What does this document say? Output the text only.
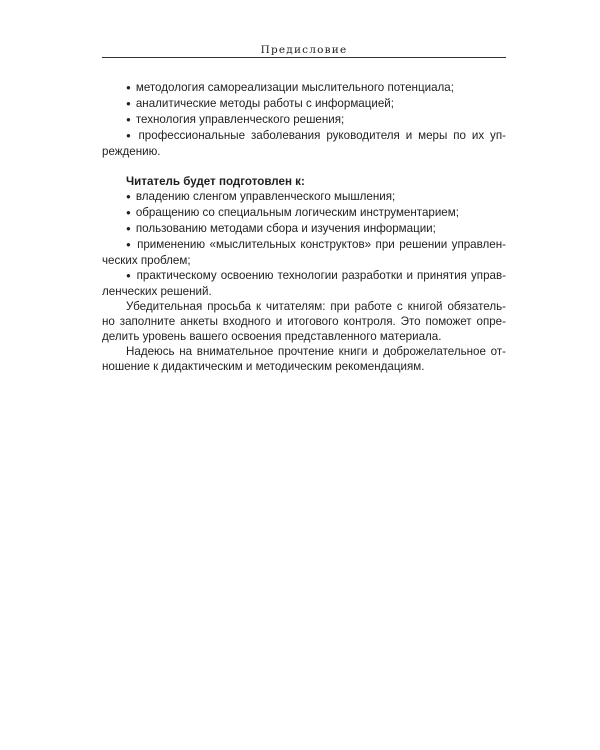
Предисловие

● методология самореализации мыслительного потенциала;

● аналитические методы работы с информацией;

● технология управленческого решения;

● профессиональные заболевания руководителя и меры по их уп-

реждению.

Читатель будет подготовлен к:

● владению сленгом управленческого мышления;

● обращению со специальным логическим инструментарием;

● пользованию методами сбора и изучения информации;

● применению «мыслительных конструктов» при решении управлен-

ческих проблем;

● практическому освоению технологии разработки и принятия управ-

ленческих решений.

Убедительная просьба к читателям: при работе с книгой обязатель-

но заполните анкеты входного и итогового контроля. Это поможет опре-

делить уровень вашего освоения представленного материала.

Надеюсь на внимательное прочтение книги и доброжелательное от-

ношение к дидактическим и методическим рекомендациям.
